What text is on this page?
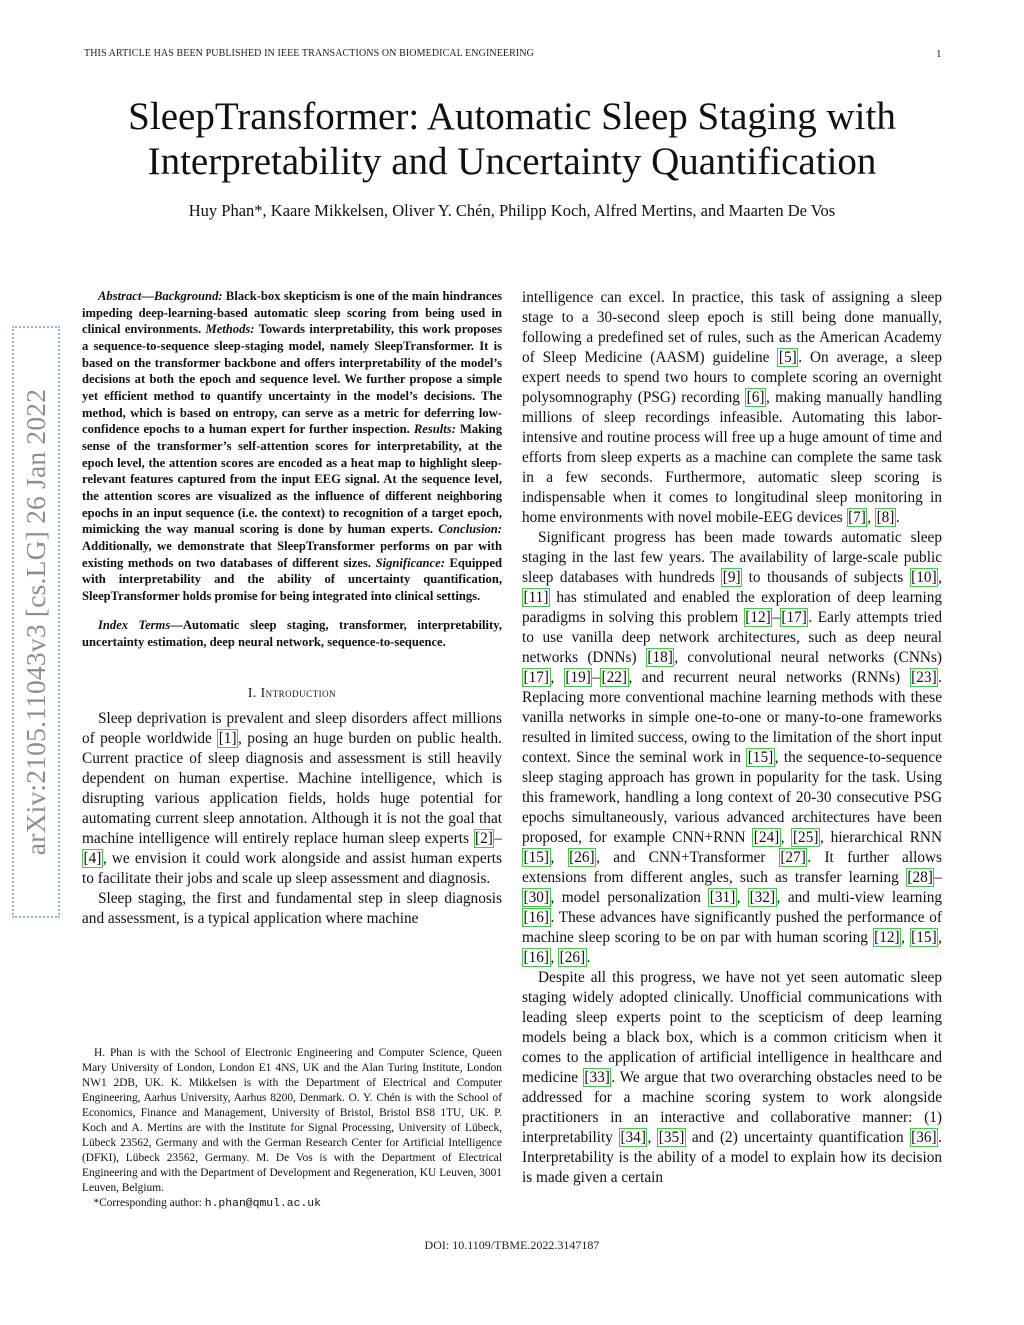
THIS ARTICLE HAS BEEN PUBLISHED IN IEEE TRANSACTIONS ON BIOMEDICAL ENGINEERING	1
SleepTransformer: Automatic Sleep Staging with
Interpretability and Uncertainty Quantification
Huy Phan*, Kaare Mikkelsen, Oliver Y. Chén, Philipp Koch, Alfred Mertins, and Maarten De Vos
arXiv:2105.11043v3 [cs.LG] 26 Jan 2022

Abstract—Background: Black-box skepticism is one of the main hindrances impeding deep-learning-based automatic sleep scoring from being used in clinical environments. Methods: Towards interpretability, this work proposes a sequence-to-sequence sleep-staging model, namely SleepTransformer. It is based on the transformer backbone and offers interpretability of the model’s decisions at both the epoch and sequence level. We further propose a simple yet efficient method to quantify uncertainty in the model’s decisions. The method, which is based on entropy, can serve as a metric for deferring low-confidence epochs to a human expert for further inspection. Results: Making sense of the transformer’s self-attention scores for interpretability, at the epoch level, the attention scores are encoded as a heat map to highlight sleep-relevant features captured from the input EEG signal. At the sequence level, the attention scores are visualized as the influence of different neighboring epochs in an input sequence (i.e. the context) to recognition of a target epoch, mimicking the way manual scoring is done by human experts. Conclusion: Additionally, we demonstrate that SleepTransformer performs on par with existing methods on two databases of different sizes. Significance: Equipped with interpretability and the ability of uncertainty quantification, SleepTransformer holds promise for being integrated into clinical settings.

Index Terms—Automatic sleep staging, transformer, interpretability, uncertainty estimation, deep neural network, sequence-to-sequence.

I. Introduction

Sleep deprivation is prevalent and sleep disorders affect millions of people worldwide [1], posing an huge burden on public health. Current practice of sleep diagnosis and assessment is still heavily dependent on human expertise. Machine intelligence, which is disrupting various application fields, holds huge potential for automating current sleep annotation. Although it is not the goal that machine intelligence will entirely replace human sleep experts [2]–[4], we envision it could work alongside and assist human experts to facilitate their jobs and scale up sleep assessment and diagnosis.

Sleep staging, the first and fundamental step in sleep diagnosis and assessment, is a typical application where machine

H. Phan is with the School of Electronic Engineering and Computer Science, Queen Mary University of London, London E1 4NS, UK and the Alan Turing Institute, London NW1 2DB, UK. K. Mikkelsen is with the Department of Electrical and Computer Engineering, Aarhus University, Aarhus 8200, Denmark. O. Y. Chén is with the School of Economics, Finance and Management, University of Bristol, Bristol BS8 1TU, UK. P. Koch and A. Mertins are with the Institute for Signal Processing, University of Lübeck, Lübeck 23562, Germany and with the German Research Center for Artificial Intelligence (DFKI), Lübeck 23562, Germany. M. De Vos is with the Department of Electrical Engineering and with the Department of Development and Regeneration, KU Leuven, 3001 Leuven, Belgium.

*Corresponding author: h.phan@qmul.ac.uk

intelligence can excel. In practice, this task of assigning a sleep stage to a 30-second sleep epoch is still being done manually, following a predefined set of rules, such as the American Academy of Sleep Medicine (AASM) guideline [5]. On average, a sleep expert needs to spend two hours to complete scoring an overnight polysomnography (PSG) recording [6], making manually handling millions of sleep recordings infeasible. Automating this labor-intensive and routine process will free up a huge amount of time and efforts from sleep experts as a machine can complete the same task in a few seconds. Furthermore, automatic sleep scoring is indispensable when it comes to longitudinal sleep monitoring in home environments with novel mobile-EEG devices [7], [8].

Significant progress has been made towards automatic sleep staging in the last few years. The availability of large-scale public sleep databases with hundreds [9] to thousands of subjects [10], [11] has stimulated and enabled the exploration of deep learning paradigms in solving this problem [12]–[17]. Early attempts tried to use vanilla deep network architectures, such as deep neural networks (DNNs) [18], convolutional neural networks (CNNs) [17], [19]–[22], and recurrent neural networks (RNNs) [23]. Replacing more conventional machine learning methods with these vanilla networks in simple one-to-one or many-to-one frameworks resulted in limited success, owing to the limitation of the short input context. Since the seminal work in [15], the sequence-to-sequence sleep staging approach has grown in popularity for the task. Using this framework, handling a long context of 20-30 consecutive PSG epochs simultaneously, various advanced architectures have been proposed, for example CNN+RNN [24], [25], hierarchical RNN [15], [26], and CNN+Transformer [27]. It further allows extensions from different angles, such as transfer learning [28]–[30], model personalization [31], [32], and multi-view learning [16]. These advances have significantly pushed the performance of machine sleep scoring to be on par with human scoring [12], [15], [16], [26].

Despite all this progress, we have not yet seen automatic sleep staging widely adopted clinically. Unofficial communications with leading sleep experts point to the scepticism of deep learning models being a black box, which is a common criticism when it comes to the application of artificial intelligence in healthcare and medicine [33]. We argue that two overarching obstacles need to be addressed for a machine scoring system to work alongside practitioners in an interactive and collaborative manner: (1) interpretability [34], [35] and (2) uncertainty quantification [36]. Interpretability is the ability of a model to explain how its decision is made given a certain

DOI: 10.1109/TBME.2022.3147187
